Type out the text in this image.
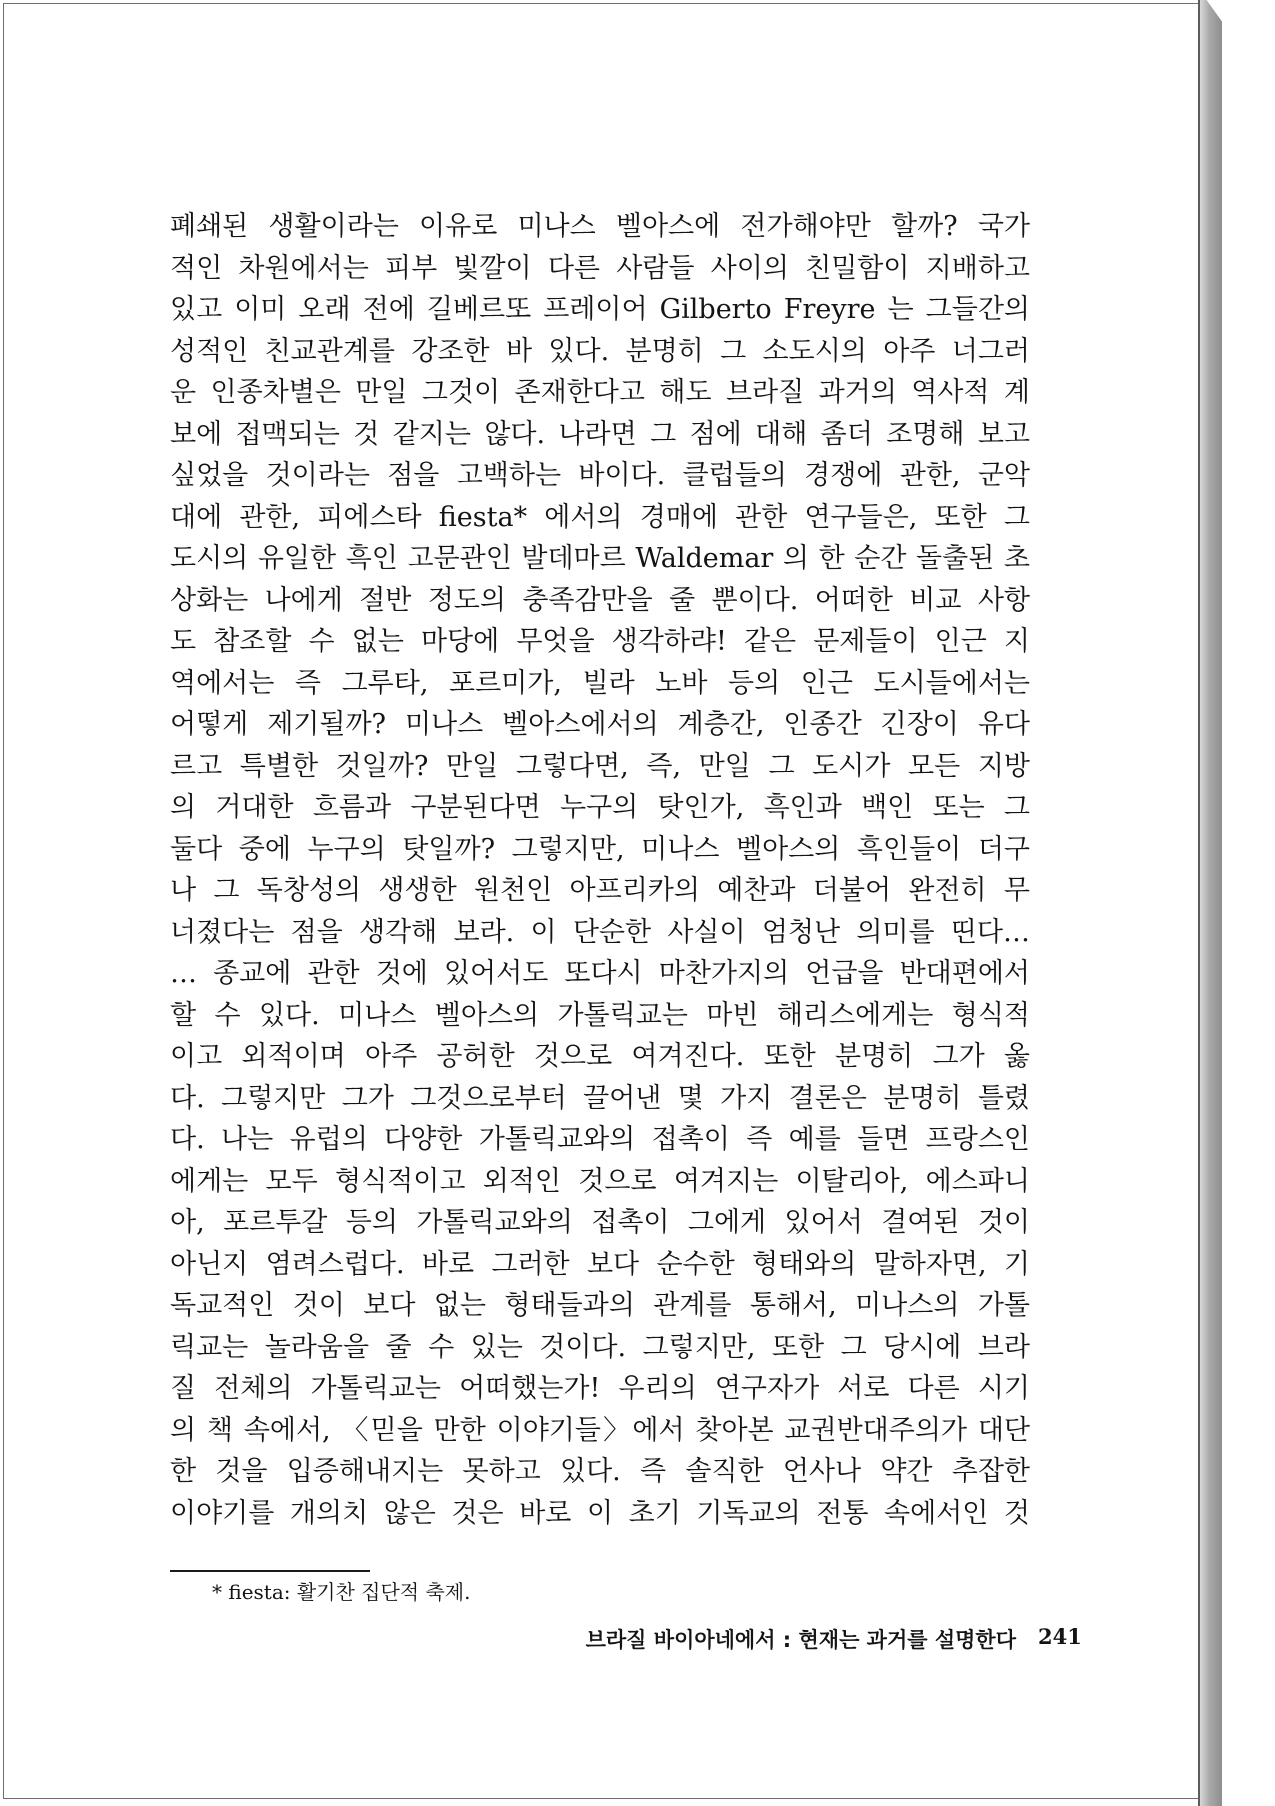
폐쇄된 생활이라는 이유로 미나스 벨아스에 전가해야만 할까? 국가
적인 차원에서는 피부 빛깔이 다른 사람들 사이의 친밀함이 지배하고
있고 이미 오래 전에 길베르또 프레이어 Gilberto Freyre 는 그들간의
성적인 친교관계를 강조한 바 있다. 분명히 그 소도시의 아주 너그러
운 인종차별은 만일 그것이 존재한다고 해도 브라질 과거의 역사적 계
보에 접맥되는 것 같지는 않다. 나라면 그 점에 대해 좀더 조명해 보고
싶었을 것이라는 점을 고백하는 바이다. 클럽들의 경쟁에 관한, 군악
대에 관한, 피에스타 fiesta* 에서의 경매에 관한 연구들은, 또한 그
도시의 유일한 흑인 고문관인 발데마르 Waldemar 의 한 순간 돌출된 초
상화는 나에게 절반 정도의 충족감만을 줄 뿐이다. 어떠한 비교 사항
도 참조할 수 없는 마당에 무엇을 생각하랴! 같은 문제들이 인근 지
역에서는 즉 그루타, 포르미가, 빌라 노바 등의 인근 도시들에서는
어떻게 제기될까? 미나스 벨아스에서의 계층간, 인종간 긴장이 유다
르고 특별한 것일까? 만일 그렇다면, 즉, 만일 그 도시가 모든 지방
의 거대한 흐름과 구분된다면 누구의 탓인가, 흑인과 백인 또는 그
둘다 중에 누구의 탓일까? 그렇지만, 미나스 벨아스의 흑인들이 더구
나 그 독창성의 생생한 원천인 아프리카의 예찬과 더불어 완전히 무
너졌다는 점을 생각해 보라. 이 단순한 사실이 엄청난 의미를 띤다…
… 종교에 관한 것에 있어서도 또다시 마찬가지의 언급을 반대편에서
할 수 있다. 미나스 벨아스의 가톨릭교는 마빈 해리스에게는 형식적
이고 외적이며 아주 공허한 것으로 여겨진다. 또한 분명히 그가 옳
다. 그렇지만 그가 그것으로부터 끌어낸 몇 가지 결론은 분명히 틀렸
다. 나는 유럽의 다양한 가톨릭교와의 접촉이 즉 예를 들면 프랑스인
에게는 모두 형식적이고 외적인 것으로 여겨지는 이탈리아, 에스파니
아, 포르투갈 등의 가톨릭교와의 접촉이 그에게 있어서 결여된 것이
아닌지 염려스럽다. 바로 그러한 보다 순수한 형태와의 말하자면, 기
독교적인 것이 보다 없는 형태들과의 관계를 통해서, 미나스의 가톨
릭교는 놀라움을 줄 수 있는 것이다. 그렇지만, 또한 그 당시에 브라
질 전체의 가톨릭교는 어떠했는가! 우리의 연구자가 서로 다른 시기
의 책 속에서, 〈믿을 만한 이야기들〉에서 찾아본 교권반대주의가 대단
한 것을 입증해내지는 못하고 있다. 즉 솔직한 언사나 약간 추잡한
이야기를 개의치 않은 것은 바로 이 초기 기독교의 전통 속에서인 것
* fiesta: 활기찬 집단적 축제.
브라질 바이아네에서 : 현재는 과거를 설명한다 241
